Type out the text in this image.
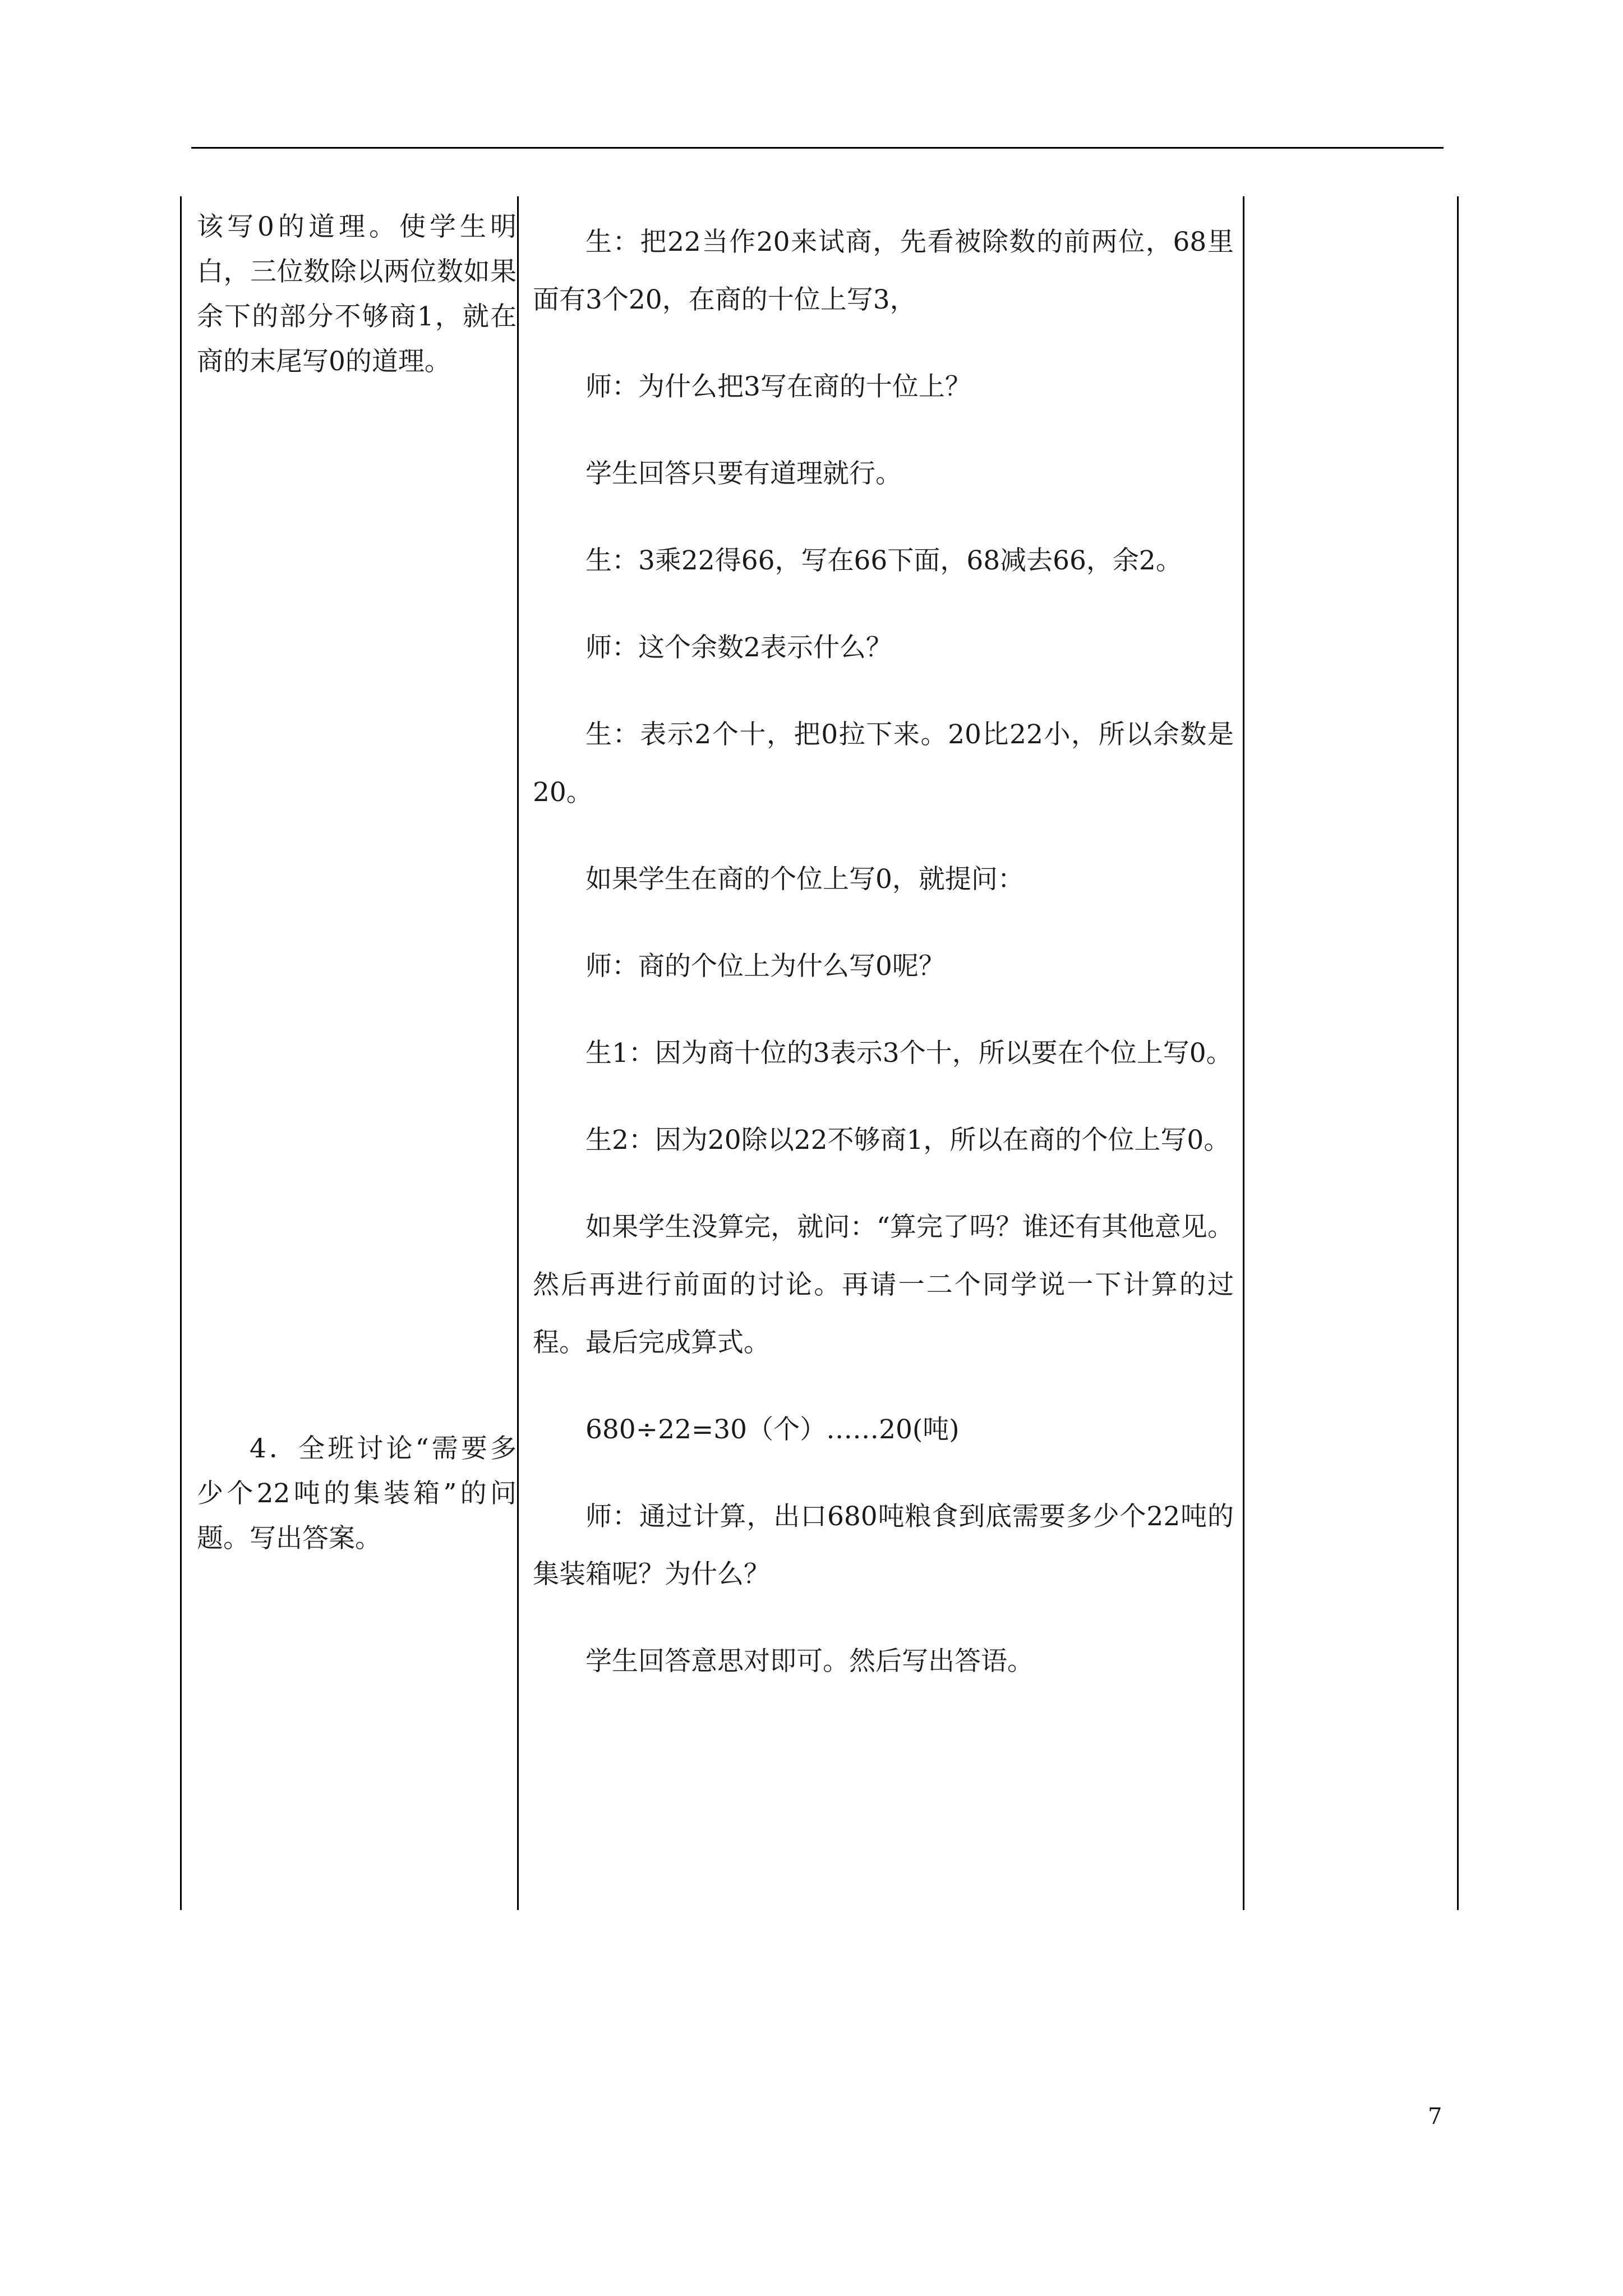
该写0的道理。使学生明白，三位数除以两位数如果余下的部分不够商1，就在商的末尾写0的道理。

4．全班讨论“需要多少个22吨的集装箱”的问题。写出答案。

生：把22当作20来试商，先看被除数的前两位，68里面有3个20，在商的十位上写3，

师：为什么把3写在商的十位上？

学生回答只要有道理就行。

生：3乘22得66，写在66下面，68减去66，余2。

师：这个余数2表示什么？

生：表示2个十，把0拉下来。20比22小，所以余数是20。

如果学生在商的个位上写0，就提问：

师：商的个位上为什么写0呢？

生1：因为商十位的3表示3个十，所以要在个位上写0。

生2：因为20除以22不够商1，所以在商的个位上写0。

如果学生没算完，就问：“算完了吗？谁还有其他意见。然后再进行前面的讨论。再请一二个同学说一下计算的过程。最后完成算式。

680÷22=30（个）……20(吨)

师：通过计算，出口680吨粮食到底需要多少个22吨的集装箱呢？为什么？

学生回答意思对即可。然后写出答语。

7
